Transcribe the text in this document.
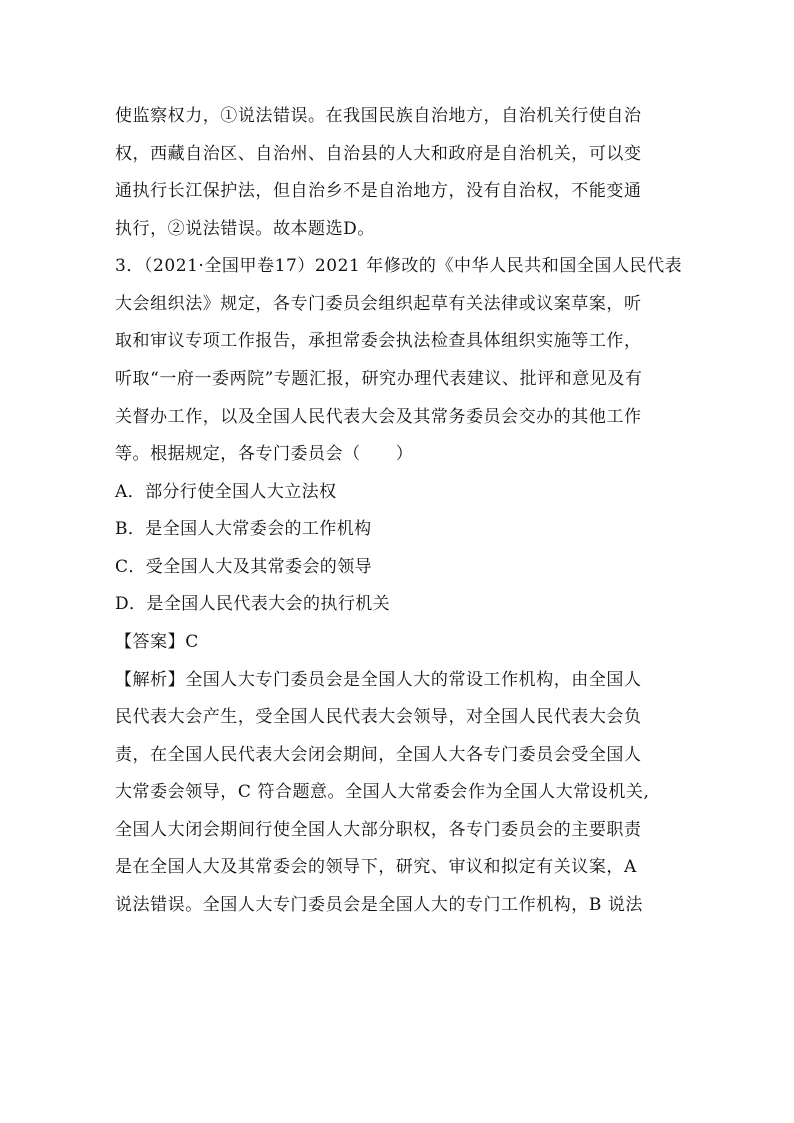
使监察权力，①说法错误。在我国民族自治地方，自治机关行使自治
权，西藏自治区、自治州、自治县的人大和政府是自治机关，可以变
通执行长江保护法，但自治乡不是自治地方，没有自治权，不能变通
执行，②说法错误。故本题选D。
3．（2021·全国甲卷17）2021 年修改的《中华人民共和国全国人民代表
大会组织法》规定，各专门委员会组织起草有关法律或议案草案，听
取和审议专项工作报告，承担常委会执法检查具体组织实施等工作，
听取“一府一委两院”专题汇报，研究办理代表建议、批评和意见及有
关督办工作，以及全国人民代表大会及其常务委员会交办的其他工作
等。根据规定，各专门委员会（　　）
A．部分行使全国人大立法权
B．是全国人大常委会的工作机构
C．受全国人大及其常委会的领导
D．是全国人民代表大会的执行机关
【答案】C
【解析】全国人大专门委员会是全国人大的常设工作机构，由全国人
民代表大会产生，受全国人民代表大会领导，对全国人民代表大会负
责，在全国人民代表大会闭会期间，全国人大各专门委员会受全国人
大常委会领导，C 符合题意。全国人大常委会作为全国人大常设机关,
全国人大闭会期间行使全国人大部分职权，各专门委员会的主要职责
是在全国人大及其常委会的领导下，研究、审议和拟定有关议案，A
说法错误。全国人大专门委员会是全国人大的专门工作机构，B 说法
